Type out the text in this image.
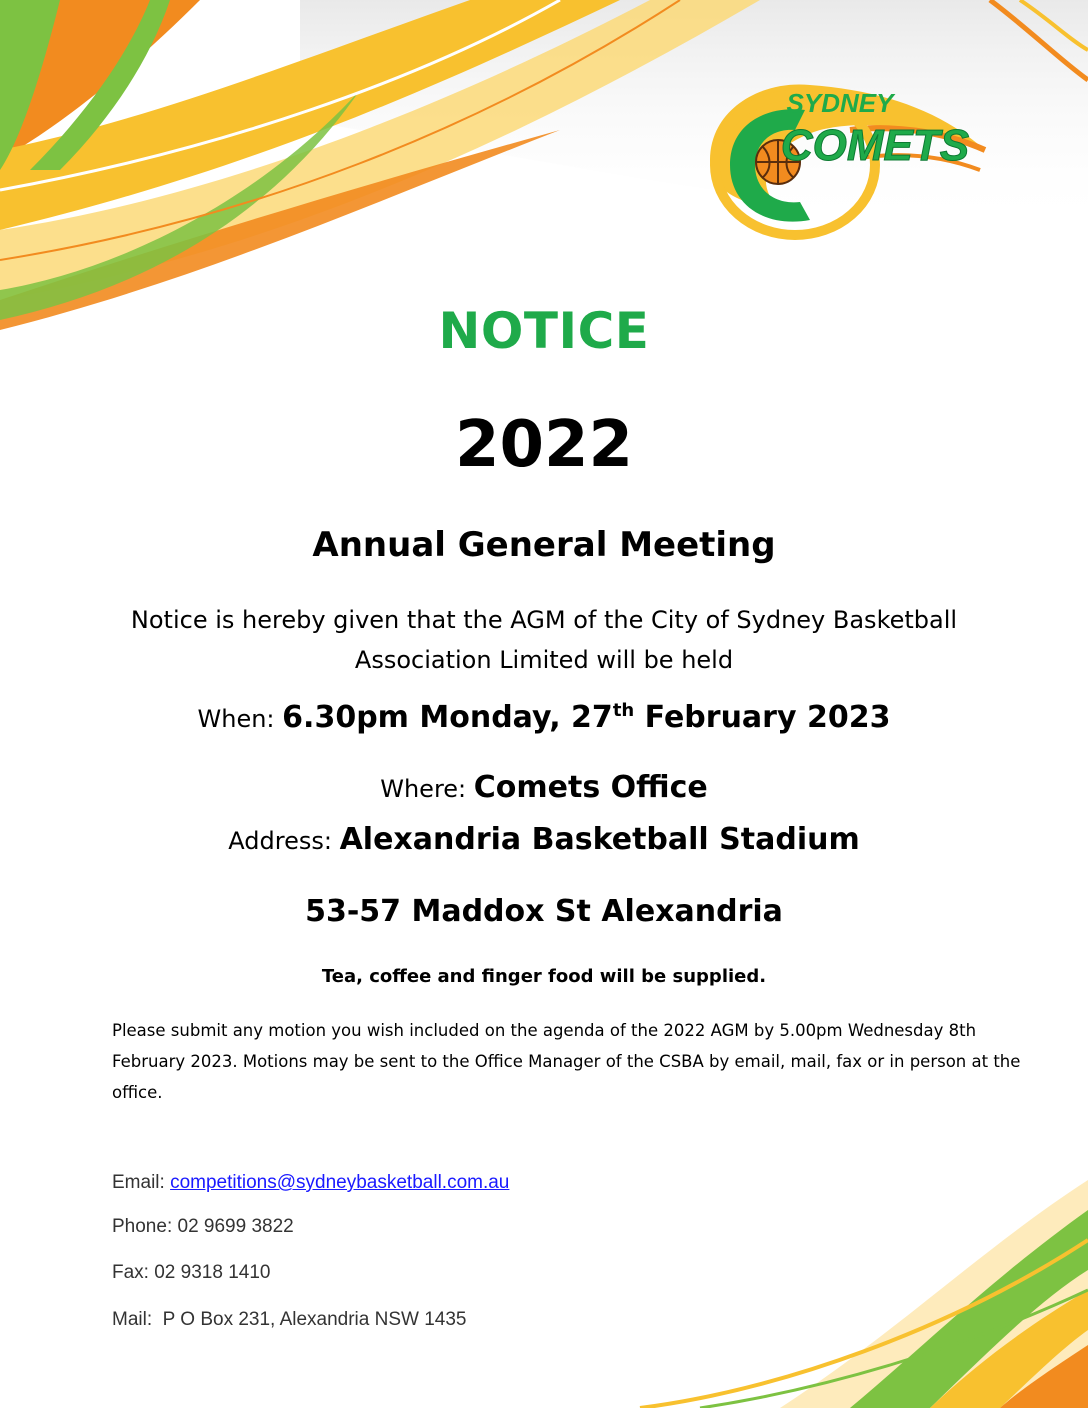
SYDNEY
COMETS
NOTICE
2022
Annual General Meeting
Notice is hereby given that the AGM of the City of Sydney Basketball
Association Limited will be held
When: 6.30pm Monday, 27th February 2023
Where: Comets Office
Address: Alexandria Basketball Stadium
53-57 Maddox St Alexandria
Tea, coffee and finger food will be supplied.
Please submit any motion you wish included on the agenda of the 2022 AGM by 5.00pm Wednesday 8th February 2023. Motions may be sent to the Office Manager of the CSBA by email, mail, fax or in person at the office.
Email: competitions@sydneybasketball.com.au
Phone: 02 9699 3822
Fax: 02 9318 1410
Mail:  P O Box 231, Alexandria NSW 1435
